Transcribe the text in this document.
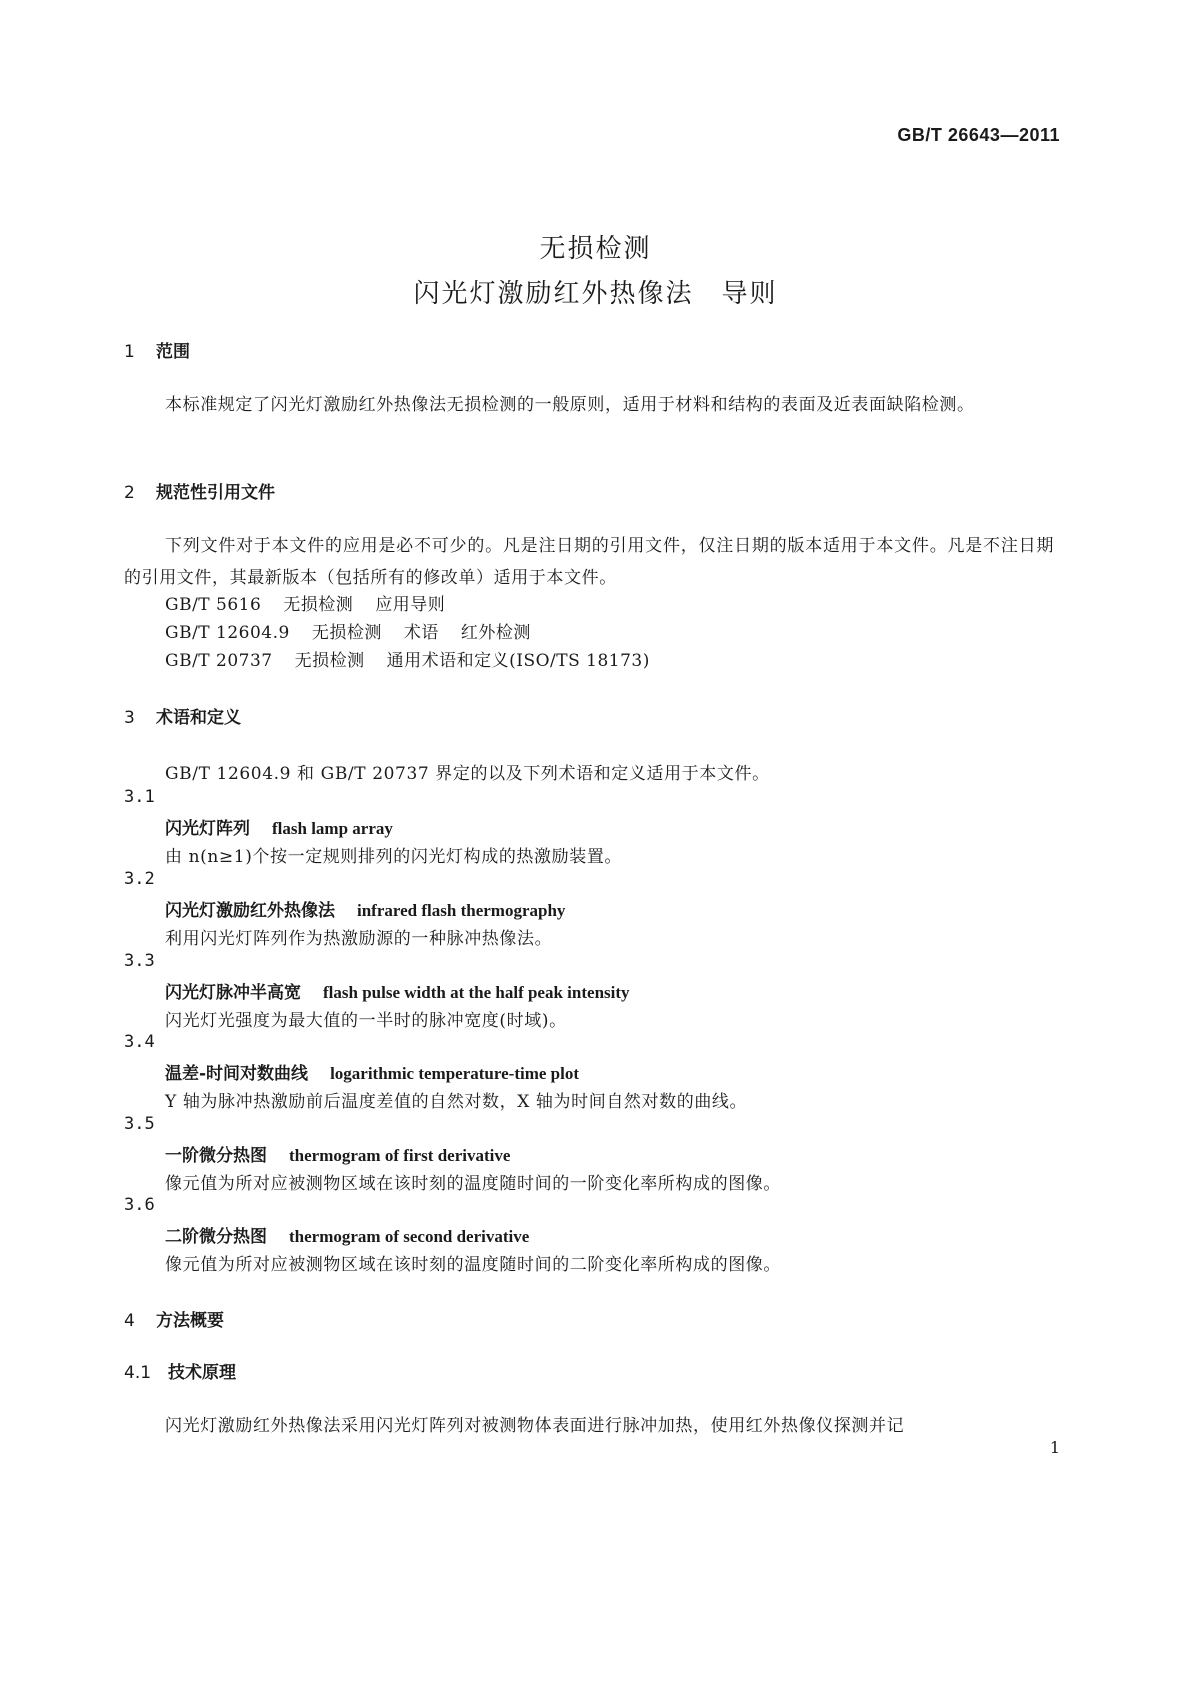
GB/T 26643—2011
无损检测
闪光灯激励红外热像法　导则
1 范围
本标准规定了闪光灯激励红外热像法无损检测的一般原则，适用于材料和结构的表面及近表面缺陷检测。
2 规范性引用文件
下列文件对于本文件的应用是必不可少的。凡是注日期的引用文件，仅注日期的版本适用于本文件。凡是不注日期的引用文件，其最新版本（包括所有的修改单）适用于本文件。
GB/T 5616 无损检测 应用导则
GB/T 12604.9 无损检测 术语 红外检测
GB/T 20737 无损检测 通用术语和定义(ISO/TS 18173)
3 术语和定义
GB/T 12604.9 和 GB/T 20737 界定的以及下列术语和定义适用于本文件。
3.1
闪光灯阵列 flash lamp array
由 n(n≥1)个按一定规则排列的闪光灯构成的热激励装置。
3.2
闪光灯激励红外热像法 infrared flash thermography
利用闪光灯阵列作为热激励源的一种脉冲热像法。
3.3
闪光灯脉冲半高宽 flash pulse width at the half peak intensity
闪光灯光强度为最大值的一半时的脉冲宽度(时域)。
3.4
温差-时间对数曲线 logarithmic temperature-time plot
Y 轴为脉冲热激励前后温度差值的自然对数，X 轴为时间自然对数的曲线。
3.5
一阶微分热图 thermogram of first derivative
像元值为所对应被测物区域在该时刻的温度随时间的一阶变化率所构成的图像。
3.6
二阶微分热图 thermogram of second derivative
像元值为所对应被测物区域在该时刻的温度随时间的二阶变化率所构成的图像。
4 方法概要
4.1 技术原理
闪光灯激励红外热像法采用闪光灯阵列对被测物体表面进行脉冲加热，使用红外热像仪探测并记
1
